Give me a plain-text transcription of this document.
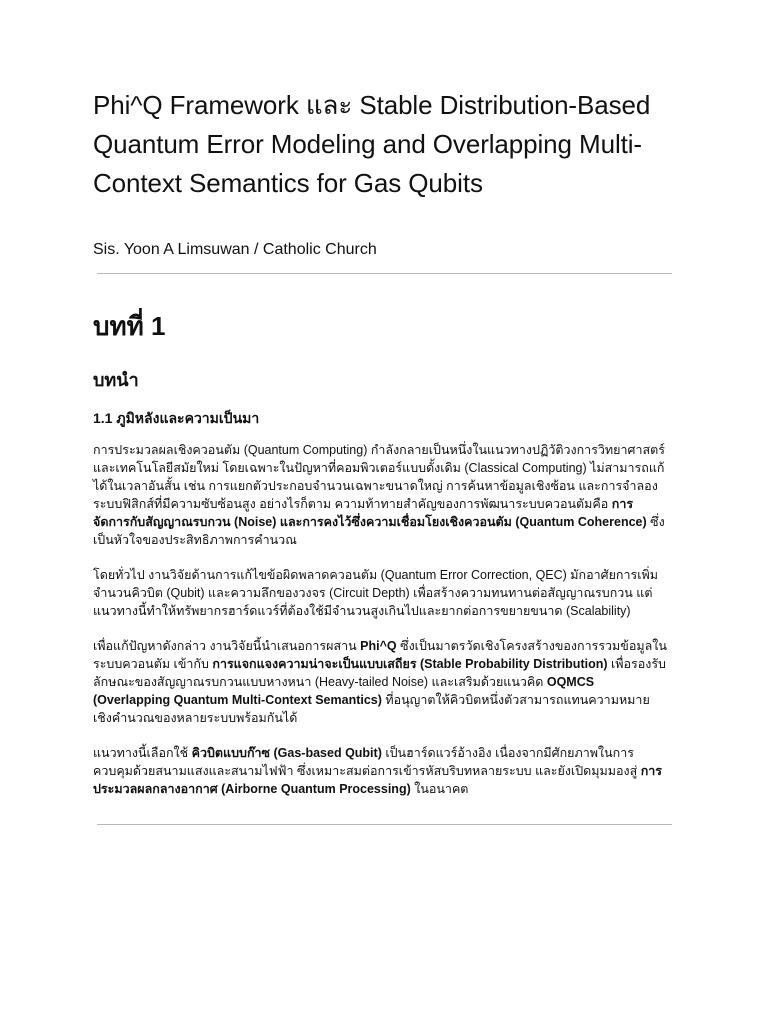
Phi^Q Framework และ Stable Distribution-Based Quantum Error Modeling and Overlapping Multi-Context Semantics for Gas Qubits
Sis. Yoon A Limsuwan / Catholic Church
บทที่ 1
บทนำ
1.1 ภูมิหลังและความเป็นมา

การประมวลผลเชิงควอนตัม (Quantum Computing) กำลังกลายเป็นหนึ่งในแนวทางปฏิวัติวงการวิทยาศาสตร์และเทคโนโลยีสมัยใหม่ โดยเฉพาะในปัญหาที่คอมพิวเตอร์แบบดั้งเดิม (Classical Computing) ไม่สามารถแก้ได้ในเวลาอันสั้น เช่น การแยกตัวประกอบจำนวนเฉพาะขนาดใหญ่ การค้นหาข้อมูลเชิงซ้อน และการจำลองระบบฟิสิกส์ที่มีความซับซ้อนสูง อย่างไรก็ตาม ความท้าทายสำคัญของการพัฒนาระบบควอนตัมคือ การจัดการกับสัญญาณรบกวน (Noise) และการคงไว้ซึ่งความเชื่อมโยงเชิงควอนตัม (Quantum Coherence) ซึ่งเป็นหัวใจของประสิทธิภาพการคำนวณ

โดยทั่วไป งานวิจัยด้านการแก้ไขข้อผิดพลาดควอนตัม (Quantum Error Correction, QEC) มักอาศัยการเพิ่มจำนวนคิวบิต (Qubit) และความลึกของวงจร (Circuit Depth) เพื่อสร้างความทนทานต่อสัญญาณรบกวน แต่แนวทางนี้ทำให้ทรัพยากรฮาร์ดแวร์ที่ต้องใช้มีจำนวนสูงเกินไปและยากต่อการขยายขนาด (Scalability)

เพื่อแก้ปัญหาดังกล่าว งานวิจัยนี้นำเสนอการผสาน Phi^Q ซึ่งเป็นมาตรวัดเชิงโครงสร้างของการรวมข้อมูลในระบบควอนตัม เข้ากับ การแจกแจงความน่าจะเป็นแบบเสถียร (Stable Probability Distribution) เพื่อรองรับลักษณะของสัญญาณรบกวนแบบหางหนา (Heavy-tailed Noise) และเสริมด้วยแนวคิด OQMCS (Overlapping Quantum Multi-Context Semantics) ที่อนุญาตให้คิวบิตหนึ่งตัวสามารถแทนความหมายเชิงคำนวณของหลายระบบพร้อมกันได้

แนวทางนี้เลือกใช้ คิวบิตแบบก๊าซ (Gas-based Qubit) เป็นฮาร์ดแวร์อ้างอิง เนื่องจากมีศักยภาพในการควบคุมด้วยสนามแสงและสนามไฟฟ้า ซึ่งเหมาะสมต่อการเข้ารหัสบริบทหลายระบบ และยังเปิดมุมมองสู่ การประมวลผลกลางอากาศ (Airborne Quantum Processing) ในอนาคต
